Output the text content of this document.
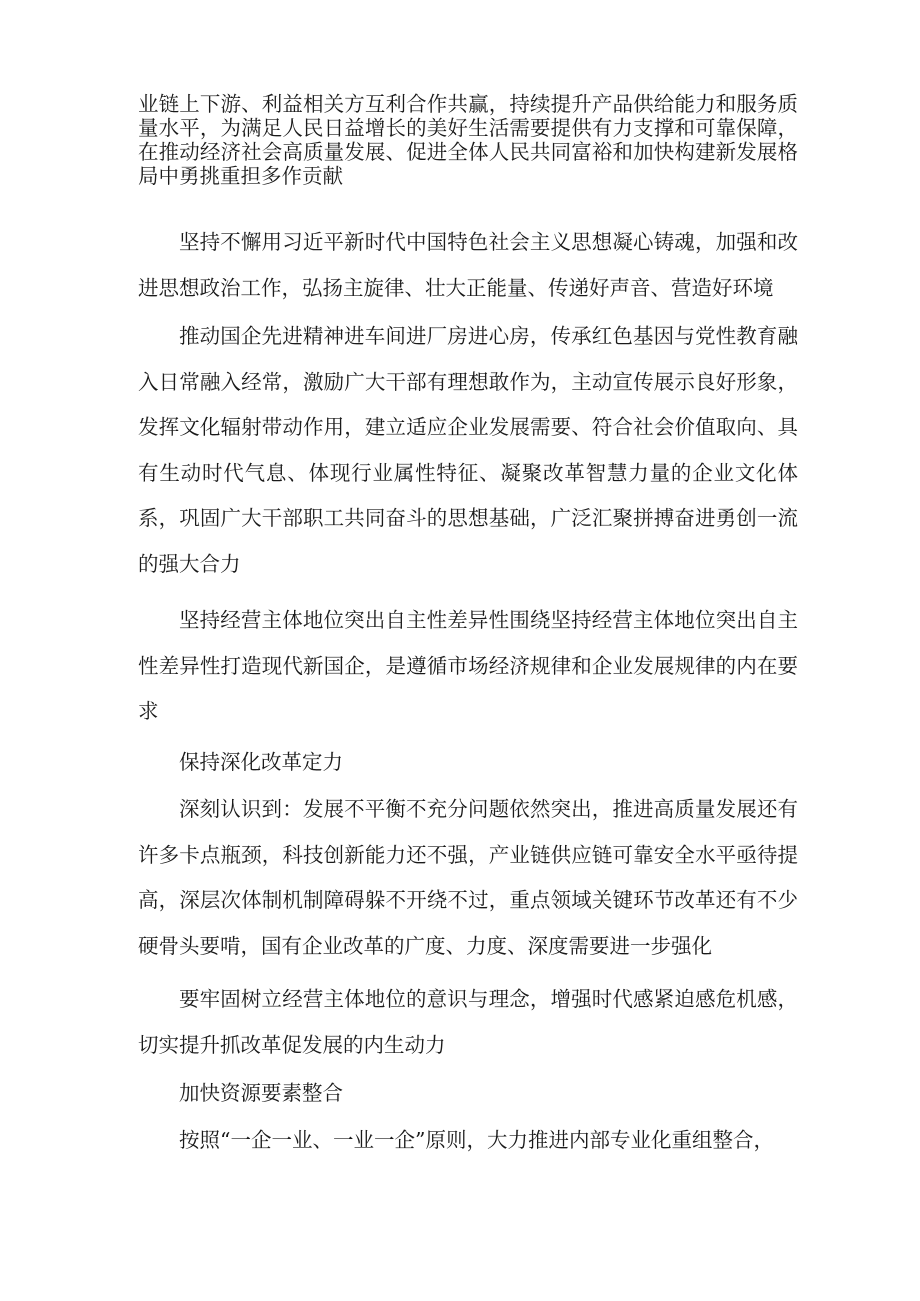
业链上下游、利益相关方互利合作共赢，持续提升产品供给能力和服务质量水平，为满足人民日益增长的美好生活需要提供有力支撑和可靠保障，在推动经济社会高质量发展、促进全体人民共同富裕和加快构建新发展格局中勇挑重担多作贡献

坚持不懈用习近平新时代中国特色社会主义思想凝心铸魂，加强和改进思想政治工作，弘扬主旋律、壮大正能量、传递好声音、营造好环境

推动国企先进精神进车间进厂房进心房，传承红色基因与党性教育融入日常融入经常，激励广大干部有理想敢作为，主动宣传展示良好形象，发挥文化辐射带动作用，建立适应企业发展需要、符合社会价值取向、具有生动时代气息、体现行业属性特征、凝聚改革智慧力量的企业文化体系，巩固广大干部职工共同奋斗的思想基础，广泛汇聚拼搏奋进勇创一流的强大合力

坚持经营主体地位突出自主性差异性围绕坚持经营主体地位突出自主性差异性打造现代新国企，是遵循市场经济规律和企业发展规律的内在要求

保持深化改革定力

深刻认识到：发展不平衡不充分问题依然突出，推进高质量发展还有许多卡点瓶颈，科技创新能力还不强，产业链供应链可靠安全水平亟待提高，深层次体制机制障碍躲不开绕不过，重点领域关键环节改革还有不少硬骨头要啃，国有企业改革的广度、力度、深度需要进一步强化

要牢固树立经营主体地位的意识与理念，增强时代感紧迫感危机感，切实提升抓改革促发展的内生动力

加快资源要素整合

按照“一企一业、一业一企”原则，大力推进内部专业化重组整合，
